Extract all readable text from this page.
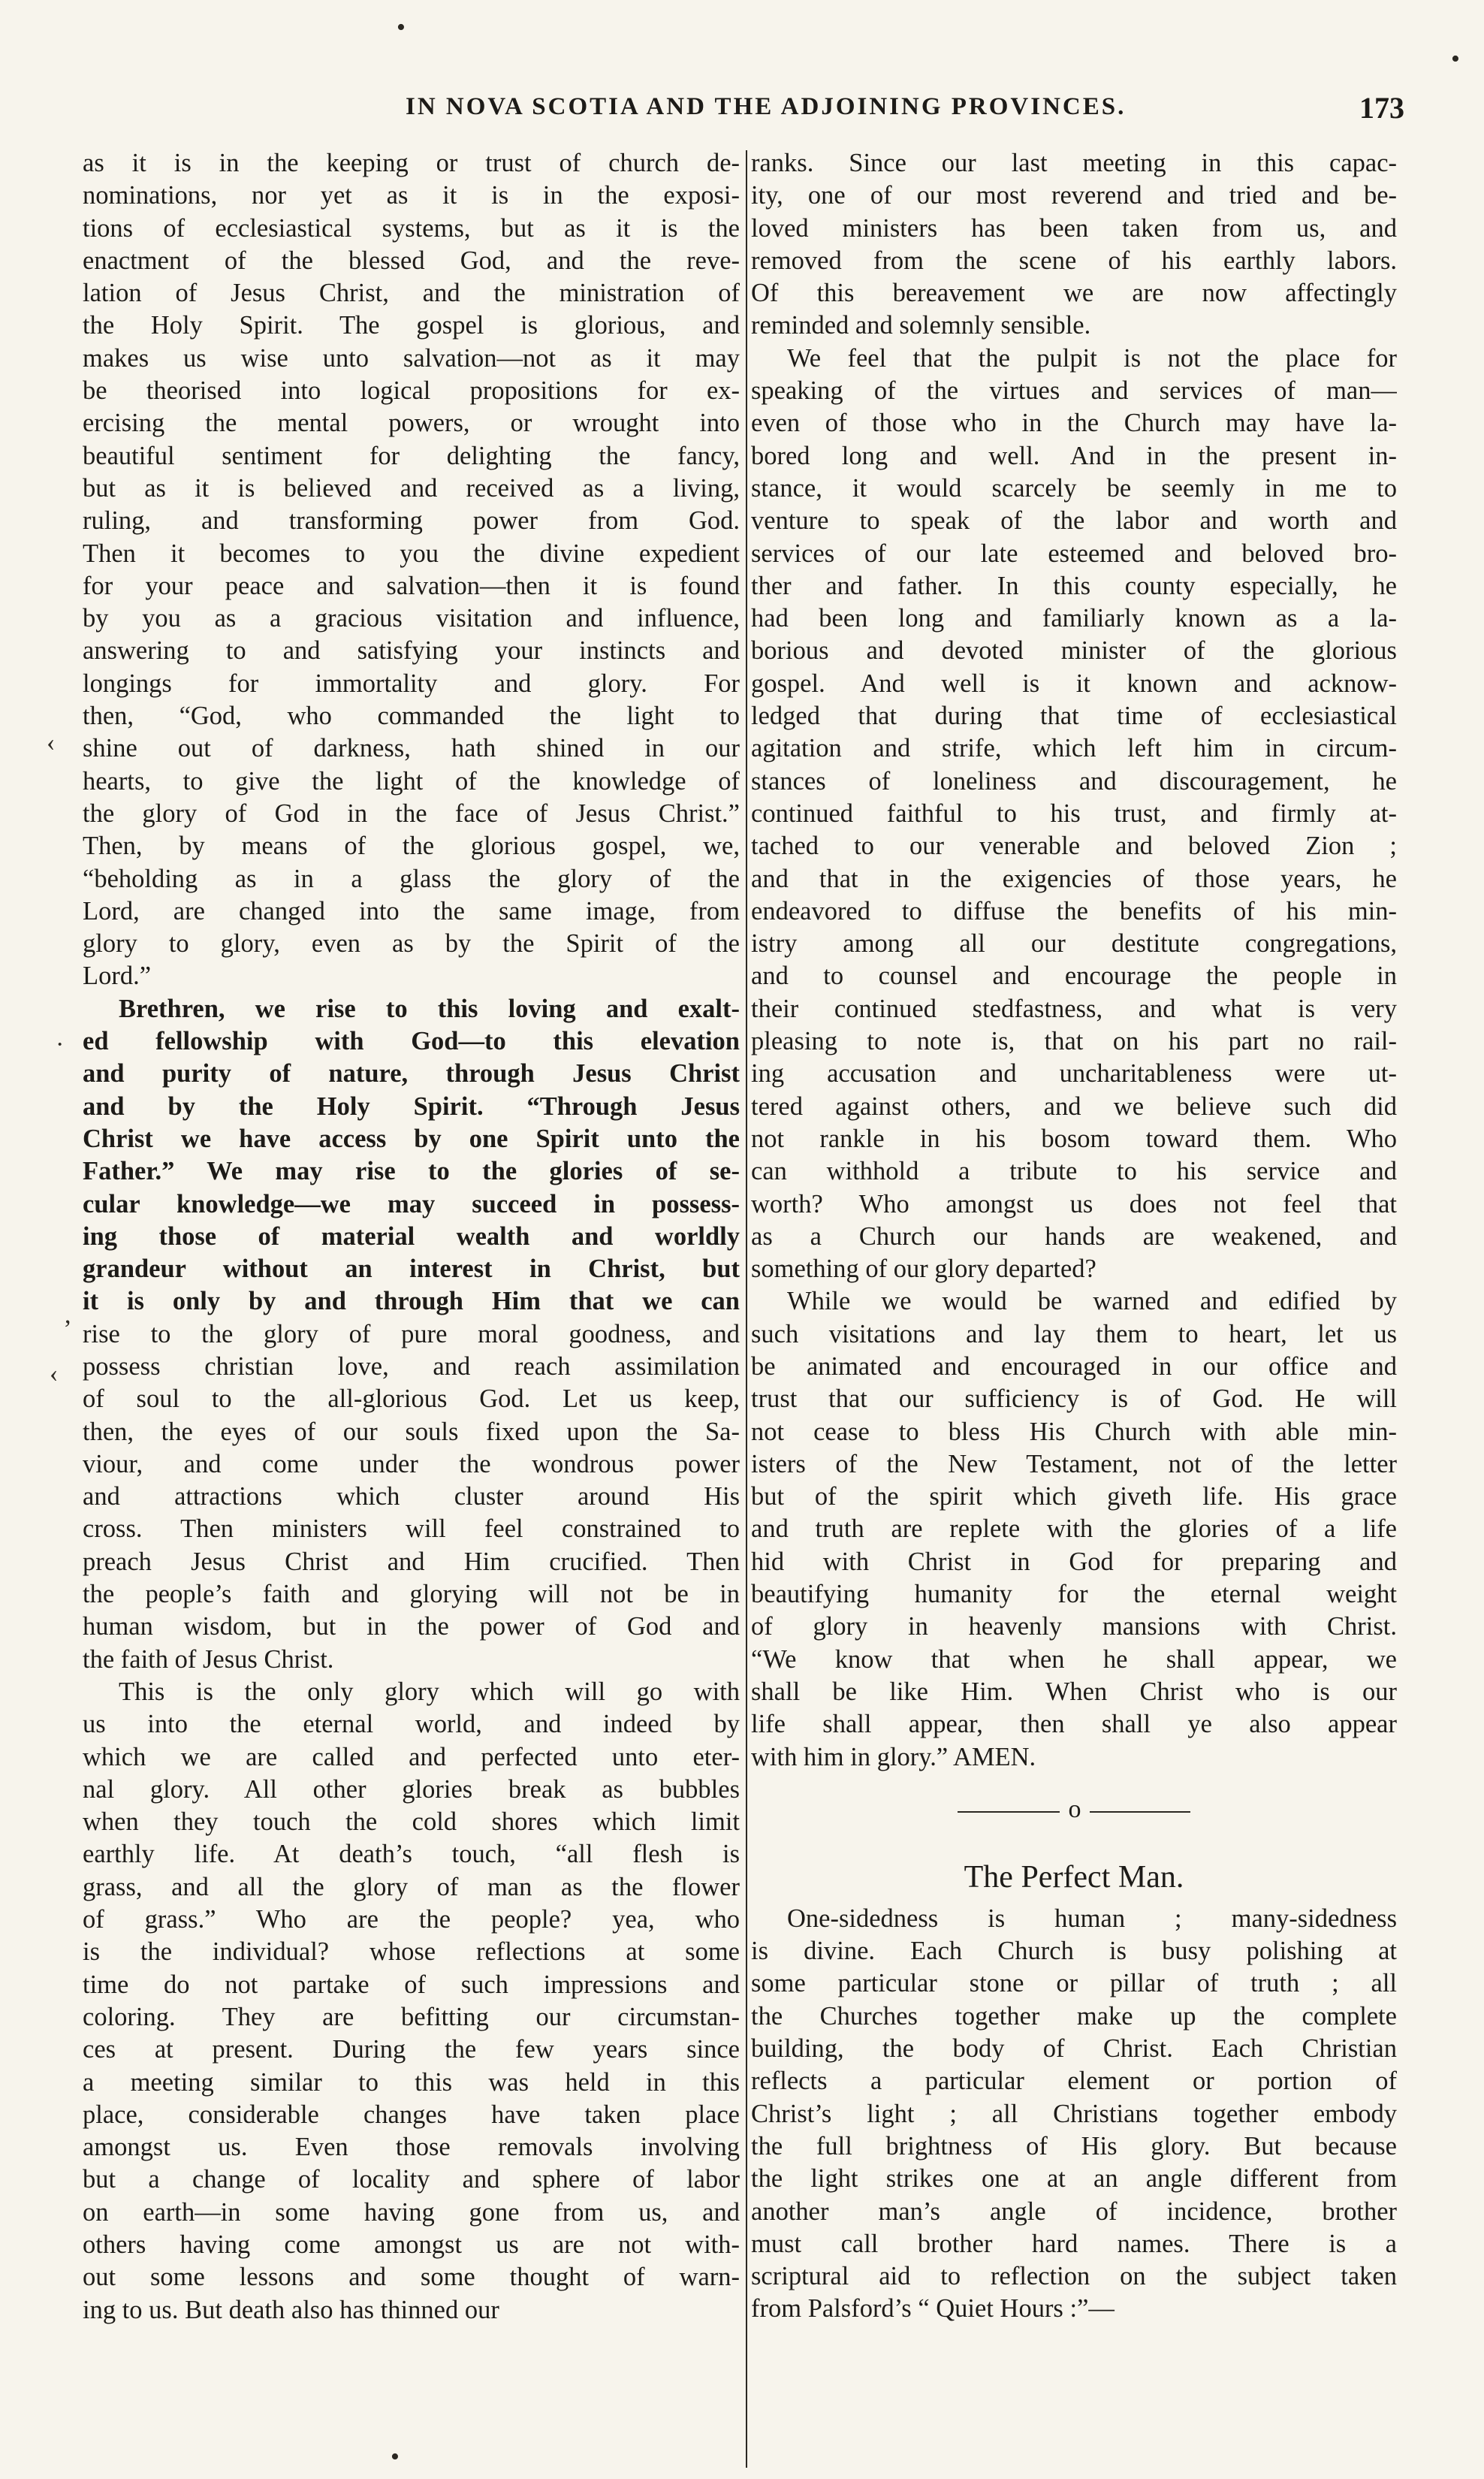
IN NOVA SCOTIA AND THE ADJOINING PROVINCES.	173
as it is in the keeping or trust of church de-
nominations, nor yet as it is in the exposi-
tions of ecclesiastical systems, but as it is the
enactment of the blessed God, and the reve-
lation of Jesus Christ, and the ministration of
the Holy Spirit. The gospel is glorious, and
makes us wise unto salvation—not as it may
be theorised into logical propositions for ex-
ercising the mental powers, or wrought into
beautiful sentiment for delighting the fancy,
but as it is believed and received as a living,
ruling, and transforming power from God.
Then it becomes to you the divine expedient
for your peace and salvation—then it is found
by you as a gracious visitation and influence,
answering to and satisfying your instincts and
longings for immortality and glory. For
then, “God, who commanded the light to
shine out of darkness, hath shined in our
hearts, to give the light of the knowledge of
the glory of God in the face of Jesus Christ.”
Then, by means of the glorious gospel, we,
“beholding as in a glass the glory of the
Lord, are changed into the same image, from
glory to glory, even as by the Spirit of the
Lord.”
Brethren, we rise to this loving and exalt-
ed fellowship with God—to this elevation
and purity of nature, through Jesus Christ
and by the Holy Spirit. “Through Jesus
Christ we have access by one Spirit unto the
Father.” We may rise to the glories of se-
cular knowledge—we may succeed in possess-
ing those of material wealth and worldly
grandeur without an interest in Christ, but
it is only by and through Him that we can
rise to the glory of pure moral goodness, and
possess christian love, and reach assimilation
of soul to the all-glorious God. Let us keep,
then, the eyes of our souls fixed upon the Sa-
viour, and come under the wondrous power
and attractions which cluster around His
cross. Then ministers will feel constrained to
preach Jesus Christ and Him crucified. Then
the people’s faith and glorying will not be in
human wisdom, but in the power of God and
the faith of Jesus Christ.
This is the only glory which will go with
us into the eternal world, and indeed by
which we are called and perfected unto eter-
nal glory. All other glories break as bubbles
when they touch the cold shores which limit
earthly life. At death’s touch, “all flesh is
grass, and all the glory of man as the flower
of grass.” Who are the people? yea, who
is the individual? whose reflections at some
time do not partake of such impressions and
coloring. They are befitting our circumstan-
ces at present. During the few years since
a meeting similar to this was held in this
place, considerable changes have taken place
amongst us. Even those removals involving
but a change of locality and sphere of labor
on earth—in some having gone from us, and
others having come amongst us are not with-
out some lessons and some thought of warn-
ing to us. But death also has thinned our
ranks. Since our last meeting in this capac-
ity, one of our most reverend and tried and be-
loved ministers has been taken from us, and
removed from the scene of his earthly labors.
Of this bereavement we are now affectingly
reminded and solemnly sensible.
We feel that the pulpit is not the place for
speaking of the virtues and services of man—
even of those who in the Church may have la-
bored long and well. And in the present in-
stance, it would scarcely be seemly in me to
venture to speak of the labor and worth and
services of our late esteemed and beloved bro-
ther and father. In this county especially, he
had been long and familiarly known as a la-
borious and devoted minister of the glorious
gospel. And well is it known and acknow-
ledged that during that time of ecclesiastical
agitation and strife, which left him in circum-
stances of loneliness and discouragement, he
continued faithful to his trust, and firmly at-
tached to our venerable and beloved Zion ;
and that in the exigencies of those years, he
endeavored to diffuse the benefits of his min-
istry among all our destitute congregations,
and to counsel and encourage the people in
their continued stedfastness, and what is very
pleasing to note is, that on his part no rail-
ing accusation and uncharitableness were ut-
tered against others, and we believe such did
not rankle in his bosom toward them. Who
can withhold a tribute to his service and
worth? Who amongst us does not feel that
as a Church our hands are weakened, and
something of our glory departed?
While we would be warned and edified by
such visitations and lay them to heart, let us
be animated and encouraged in our office and
trust that our sufficiency is of God. He will
not cease to bless His Church with able min-
isters of the New Testament, not of the letter
but of the spirit which giveth life. His grace
and truth are replete with the glories of a life
hid with Christ in God for preparing and
beautifying humanity for the eternal weight
of glory in heavenly mansions with Christ.
“We know that when he shall appear, we
shall be like Him. When Christ who is our
life shall appear, then shall ye also appear
with him in glory.” AMEN.
o
The Perfect Man.
One-sidedness is human ; many-sidedness
is divine. Each Church is busy polishing at
some particular stone or pillar of truth ; all
the Churches together make up the complete
building, the body of Christ. Each Christian
reflects a particular element or portion of
Christ’s light ; all Christians together embody
the full brightness of His glory. But because
the light strikes one at an angle different from
another man’s angle of incidence, brother
must call brother hard names. There is a
scriptural aid to reflection on the subject taken
from Palsford’s “ Quiet Hours :”—
•
•
‹
·
,
‹
•
